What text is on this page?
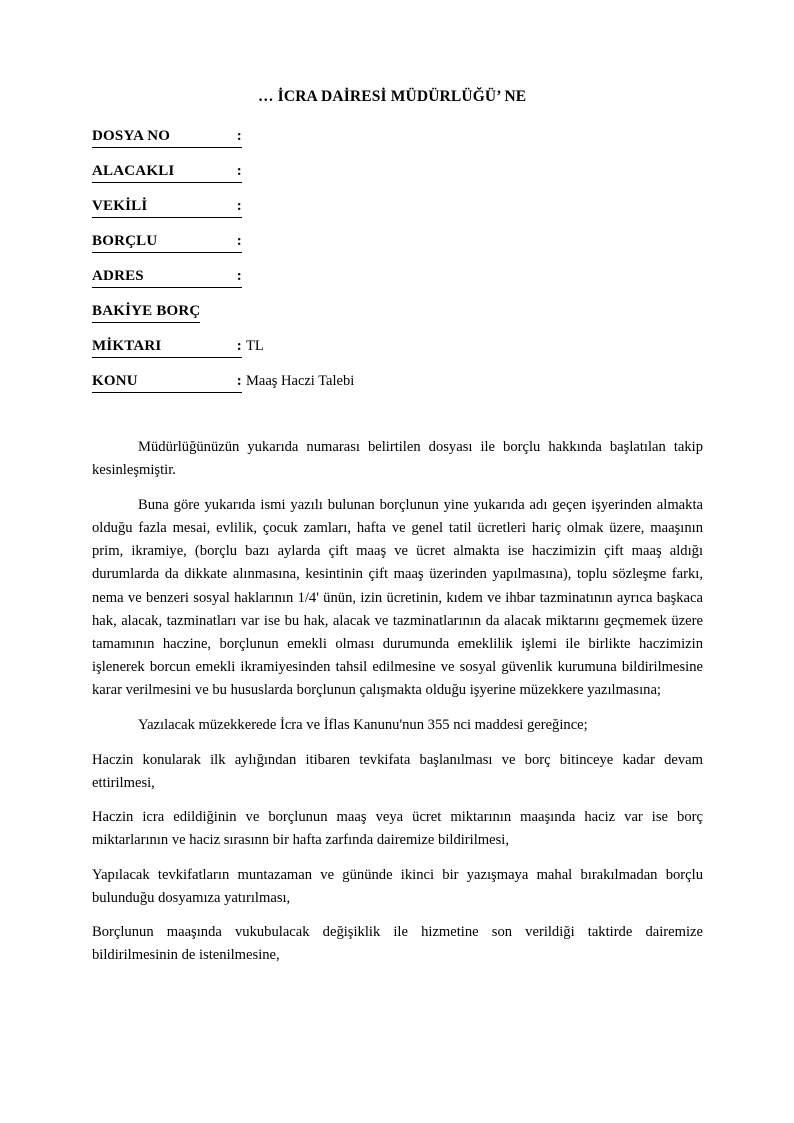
… İCRA DAİRESİ MÜDÜRLÜĞÜ’ NE
DOSYA NO	:
ALACAKLI	:
VEKİLİ	:
BORÇLU	:
ADRES	:
BAKİYE BORÇ
MİKTARI	: TL
KONU	: Maaş Haczi Talebi

Müdürlüğünüzün yukarıda numarası belirtilen dosyası ile borçlu hakkında başlatılan takip kesinleşmiştir.

Buna göre yukarıda ismi yazılı bulunan borçlunun yine yukarıda adı geçen işyerinden almakta olduğu fazla mesai, evlilik, çocuk zamları, hafta ve genel tatil ücretleri hariç olmak üzere, maaşının prim, ikramiye, (borçlu bazı aylarda çift maaş ve ücret almakta ise haczimizin çift maaş aldığı durumlarda da dikkate alınmasına, kesintinin çift maaş üzerinden yapılmasına), toplu sözleşme farkı, nema ve benzeri sosyal haklarının 1/4' ünün, izin ücretinin, kıdem ve ihbar tazminatının ayrıca başkaca hak, alacak, tazminatları var ise bu hak, alacak ve tazminatlarının da alacak miktarını geçmemek üzere tamamının haczine, borçlunun emekli olması durumunda emeklilik işlemi ile birlikte haczimizin işlenerek borcun emekli ikramiyesinden tahsil edilmesine ve sosyal güvenlik kurumuna bildirilmesine karar verilmesini ve bu hususlarda borçlunun çalışmakta olduğu işyerine müzekkere yazılmasına;

Yazılacak müzekkerede İcra ve İflas Kanunu'nun 355 nci maddesi gereğince;

Haczin konularak ilk aylığından itibaren tevkifata başlanılması ve borç bitinceye kadar devam ettirilmesi,

Haczin icra edildiğinin ve borçlunun maaş veya ücret miktarının maaşında haciz var ise borç miktarlarının ve haciz sırasınn bir hafta zarfında dairemize bildirilmesi,

Yapılacak tevkifatların muntazaman ve gününde ikinci bir yazışmaya mahal bırakılmadan borçlu bulunduğu dosyamıza yatırılması,

Borçlunun maaşında vukubulacak değişiklik ile hizmetine son verildiği taktirde dairemize bildirilmesinin de istenilmesine,
